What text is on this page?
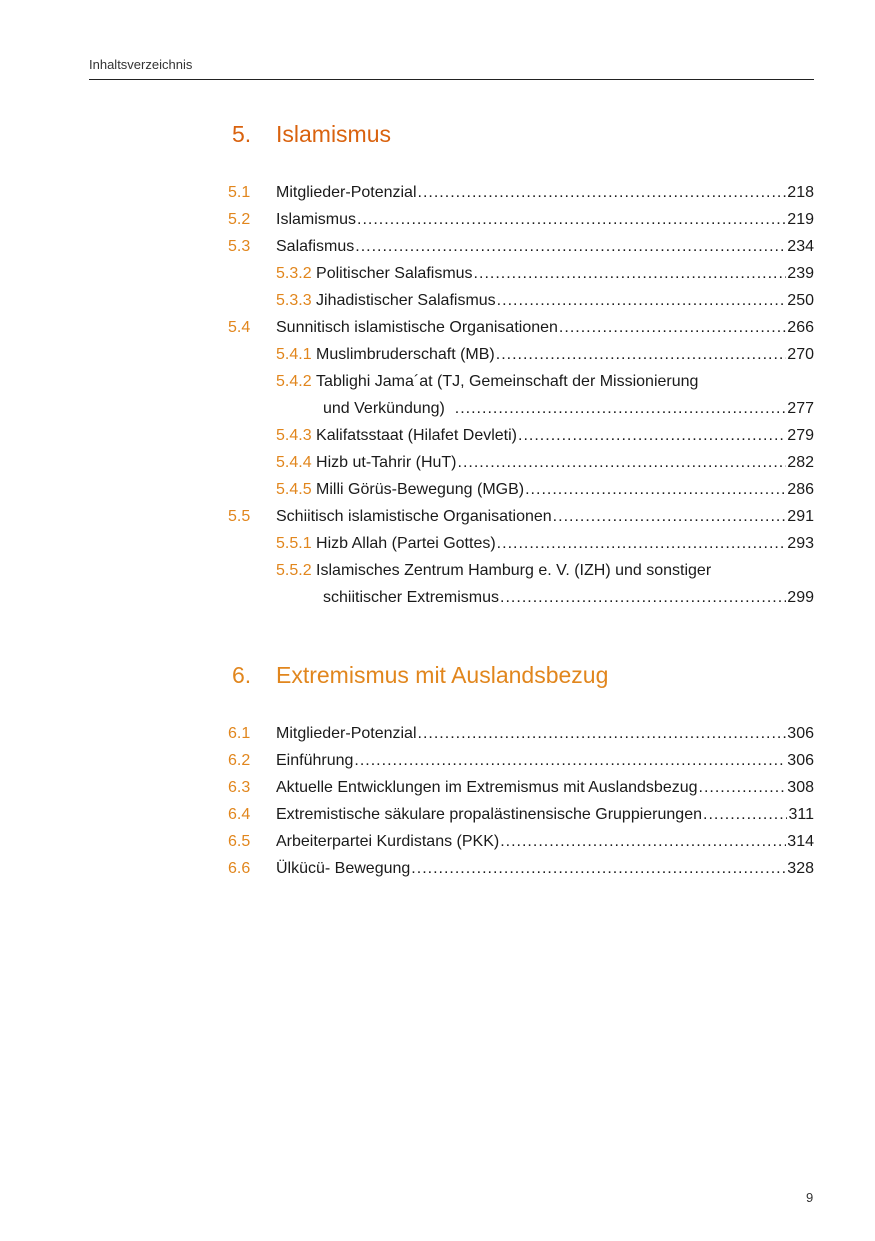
Inhaltsverzeichnis
5. Islamismus
5.1 Mitglieder-Potenzial .....	218
5.2 Islamismus .....	219
5.3 Salafismus .....	234
5.3.2
Politischer Salafismus .....	239
5.3.3
Jihadistischer Salafismus .....	250
5.4 Sunnitisch islamistische Organisationen .....	266
5.4.1
Muslimbruderschaft (MB) .....	270
5.4.2
Tablighi Jama´at (TJ, Gemeinschaft der Missionierung
und Verkündung)
.....	277
5.4.3
Kalifatsstaat (Hilafet Devleti) .....	279
5.4.4
Hizb ut-Tahrir (HuT) .....	282
5.4.5
Milli Görüs-Bewegung (MGB) .....	286
5.5 Schiitisch islamistische Organisationen .....	291
5.5.1
Hizb Allah (Partei Gottes) .....	293
5.5.2
Islamisches Zentrum Hamburg e. V. (IZH) und sonstiger
schiitischer Extremismus .....	299
6. Extremismus mit Auslandsbezug
6.1 Mitglieder-Potenzial .....	306
6.2 Einführung .....	306
6.3 Aktuelle Entwicklungen im Extremismus mit Auslandsbezug .....	308
6.4 Extremistische säkulare propalästinensische Gruppierungen .....	311
6.5 Arbeiterpartei Kurdistans (PKK) .....	314
6.6 Ülkücü- Bewegung .....	328
9
